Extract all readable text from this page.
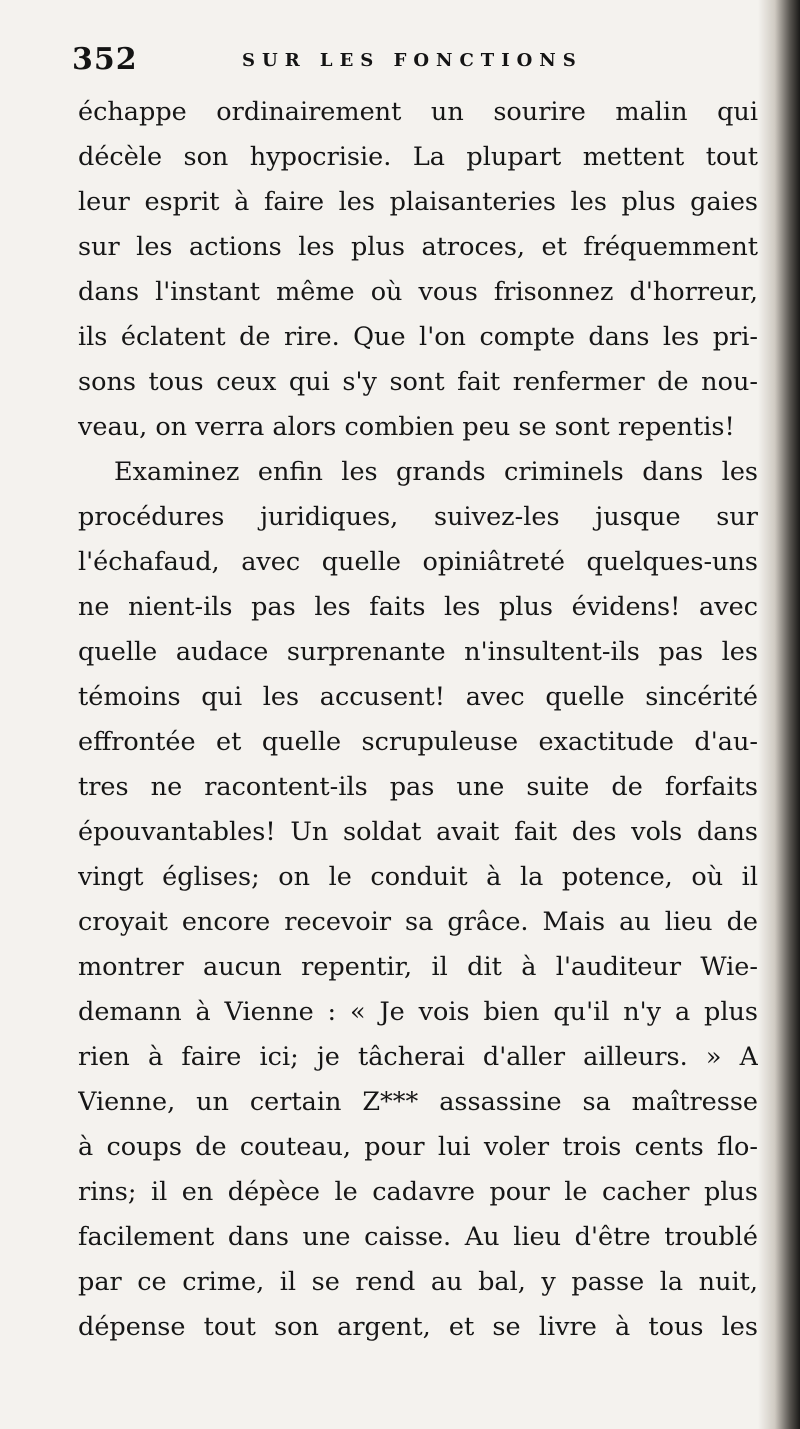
352	SUR LES FONCTIONS
échappe ordinairement un sourire malin qui
décèle son hypocrisie. La plupart mettent tout
leur esprit à faire les plaisanteries les plus gaies
sur les actions les plus atroces, et fréquemment
dans l'instant même où vous frisonnez d'horreur,
ils éclatent de rire. Que l'on compte dans les pri-
sons tous ceux qui s'y sont fait renfermer de nou-
veau, on verra alors combien peu se sont repentis!
Examinez enfin les grands criminels dans les
procédures juridiques, suivez-les jusque sur
l'échafaud, avec quelle opiniâtreté quelques-uns
ne nient-ils pas les faits les plus évidens! avec
quelle audace surprenante n'insultent-ils pas les
témoins qui les accusent! avec quelle sincérité
effrontée et quelle scrupuleuse exactitude d'au-
tres ne racontent-ils pas une suite de forfaits
épouvantables! Un soldat avait fait des vols dans
vingt églises; on le conduit à la potence, où il
croyait encore recevoir sa grâce. Mais au lieu de
montrer aucun repentir, il dit à l'auditeur Wie-
demann à Vienne : « Je vois bien qu'il n'y a plus
rien à faire ici; je tâcherai d'aller ailleurs. » A
Vienne, un certain Z*** assassine sa maîtresse
à coups de couteau, pour lui voler trois cents flo-
rins; il en dépèce le cadavre pour le cacher plus
facilement dans une caisse. Au lieu d'être troublé
par ce crime, il se rend au bal, y passe la nuit,
dépense tout son argent, et se livre à tous les
